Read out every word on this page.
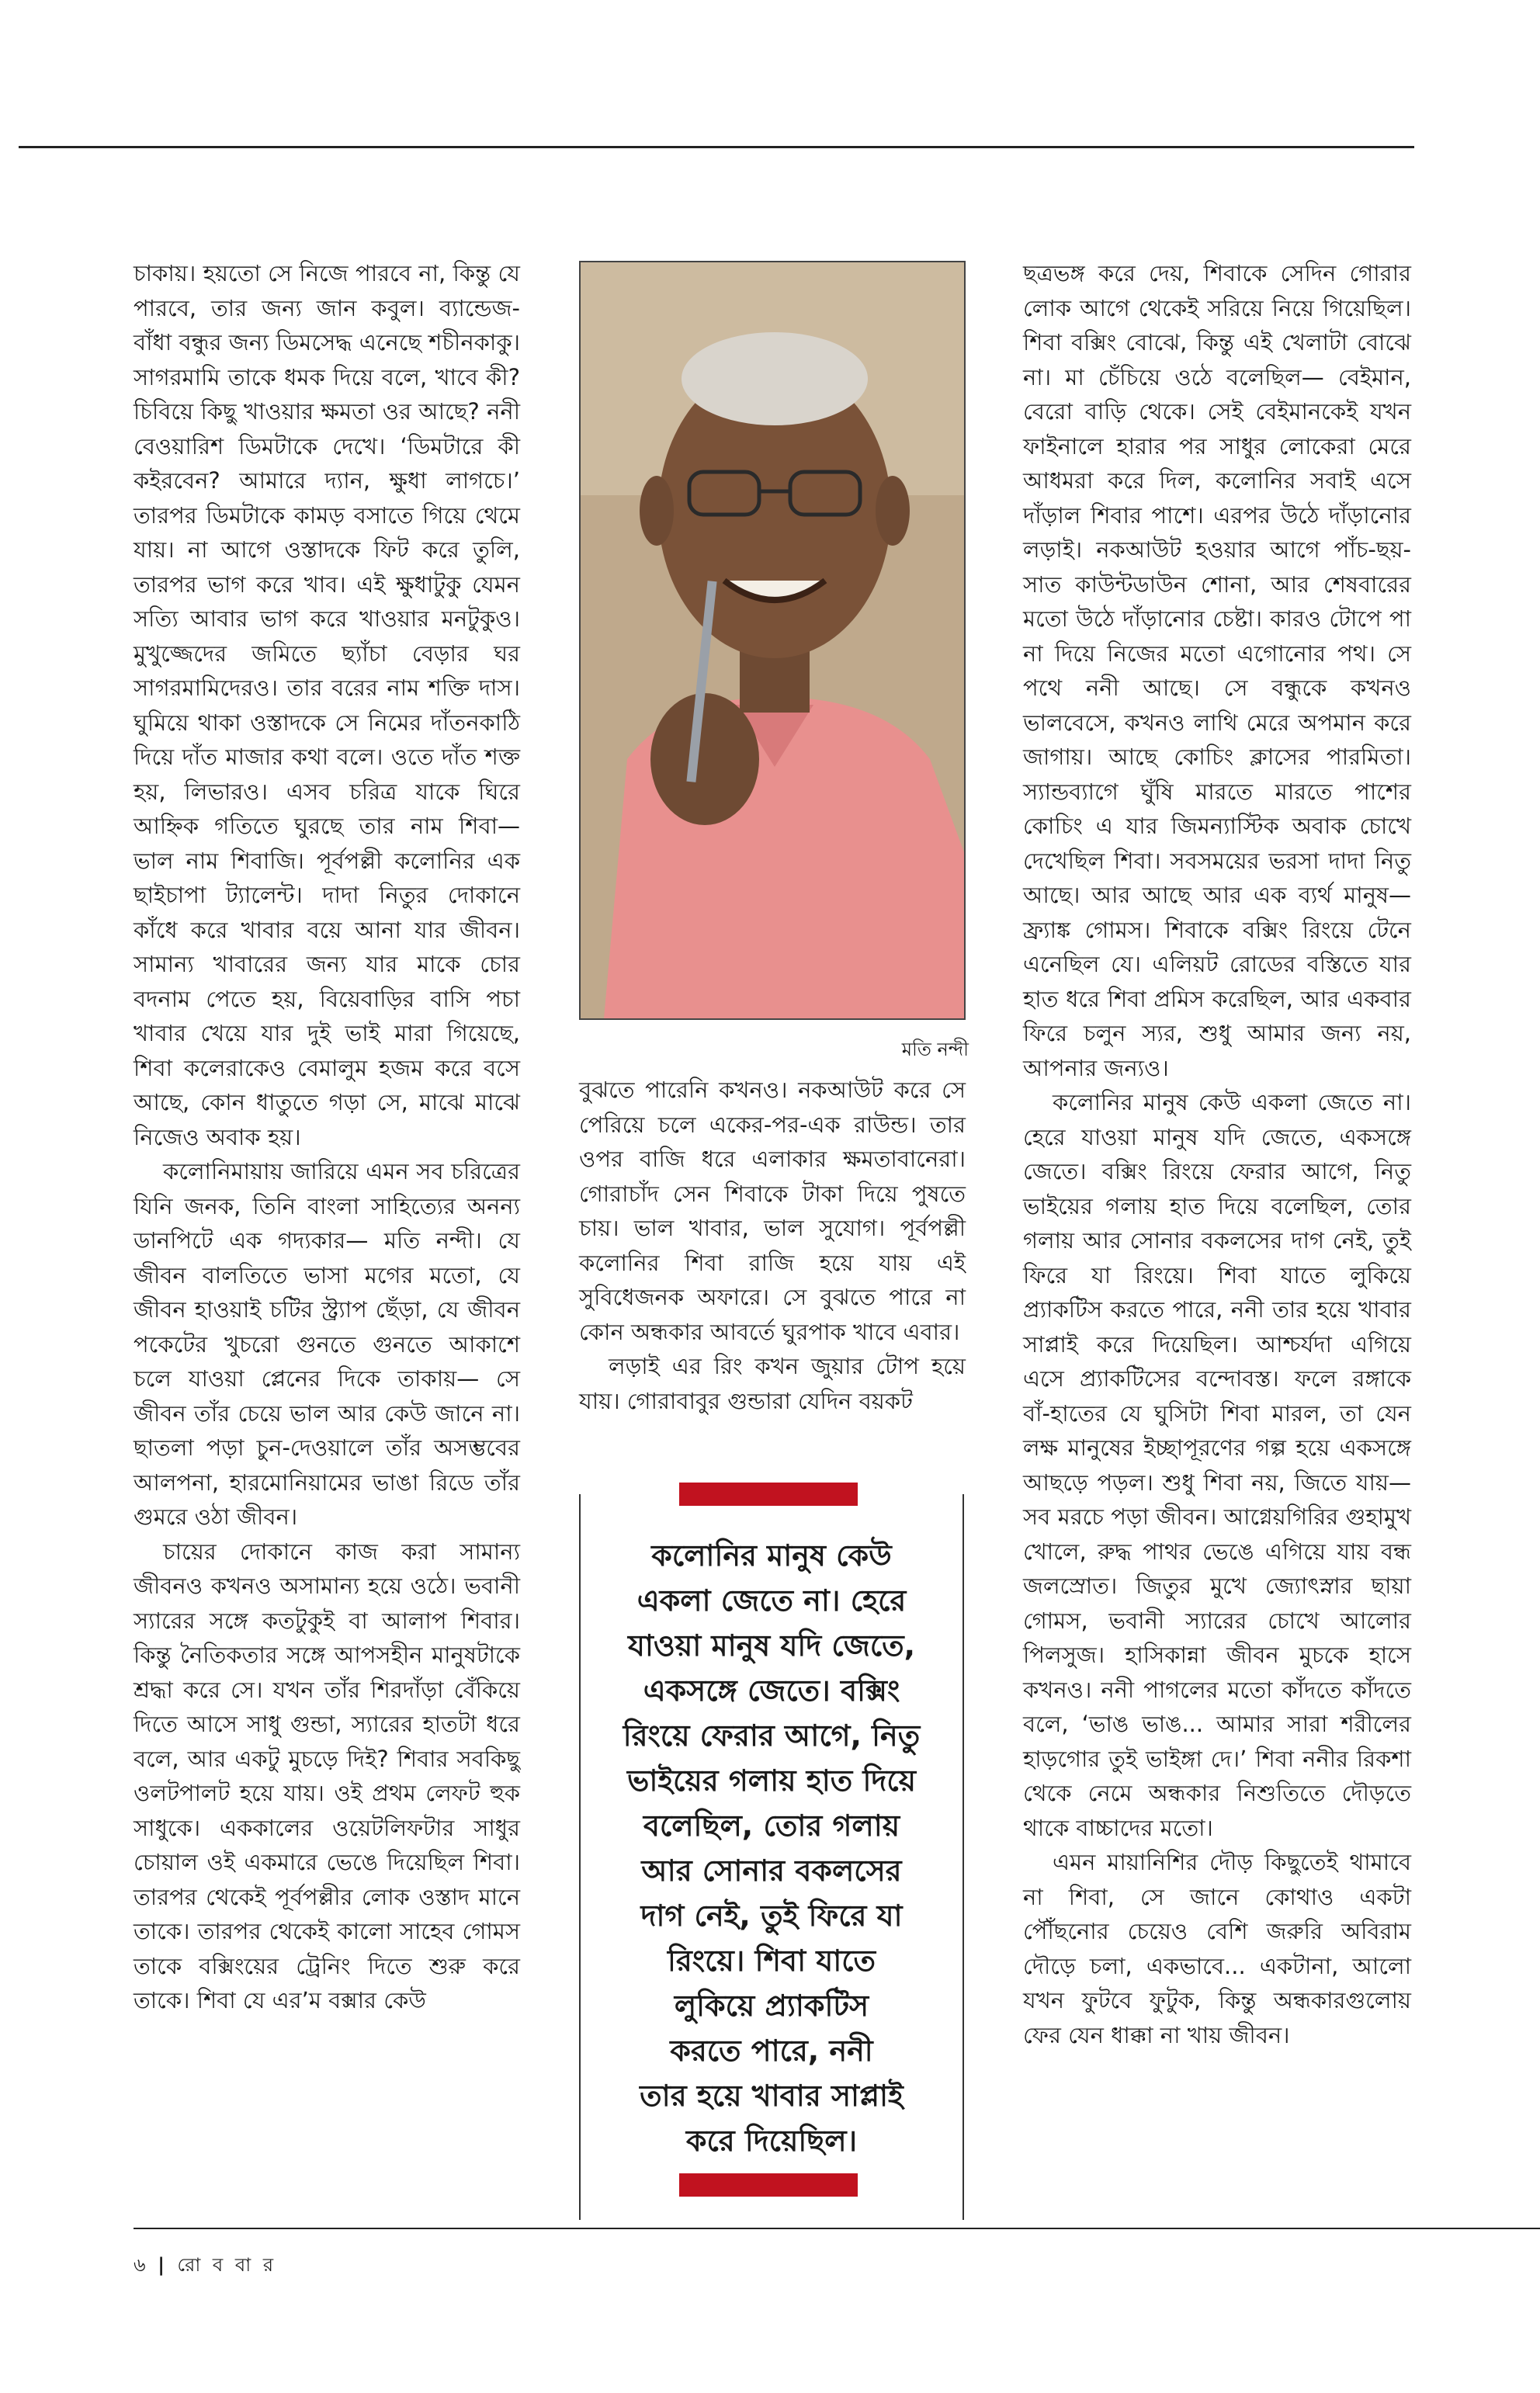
চাকায়। হয়তো সে নিজে পারবে না, কিন্তু যে পারবে, তার জন্য জান কবুল। ব্যান্ডেজ-বাঁধা বন্ধুর জন্য ডিমসেদ্ধ এনেছে শচীনকাকু। সাগরমামি তাকে ধমক দিয়ে বলে, খাবে কী? চিবিয়ে কিছু খাওয়ার ক্ষমতা ওর আছে? ননী বেওয়ারিশ ডিমটাকে দেখে। ‘ডিমটারে কী কইরবেন? আমারে দ্যান, ক্ষুধা লাগচে।’ তারপর ডিমটাকে কামড় বসাতে গিয়ে থেমে যায়। না আগে ওস্তাদকে ফিট করে তুলি, তারপর ভাগ করে খাব। এই ক্ষুধাটুকু যেমন সত্যি আবার ভাগ করে খাওয়ার মনটুকুও। মুখুজ্জেদের জমিতে ছ্যাঁচা বেড়ার ঘর সাগরমামিদেরও। তার বরের নাম শক্তি দাস। ঘুমিয়ে থাকা ওস্তাদকে সে নিমের দাঁতনকাঠি দিয়ে দাঁত মাজার কথা বলে। ওতে দাঁত শক্ত হয়, লিভারও। এসব চরিত্র যাকে ঘিরে আহ্নিক গতিতে ঘুরছে তার নাম শিবা— ভাল নাম শিবাজি। পূর্বপল্লী কলোনির এক ছাইচাপা ট্যালেন্ট। দাদা নিতুর দোকানে কাঁধে করে খাবার বয়ে আনা যার জীবন। সামান্য খাবারের জন্য যার মাকে চোর বদনাম পেতে হয়, বিয়েবাড়ির বাসি পচা খাবার খেয়ে যার দুই ভাই মারা গিয়েছে, শিবা কলেরাকেও বেমালুম হজম করে বসে আছে, কোন ধাতুতে গড়া সে, মাঝে মাঝে নিজেও অবাক হয়।

কলোনিমায়ায় জারিয়ে এমন সব চরিত্রের যিনি জনক, তিনি বাংলা সাহিত্যের অনন্য ডানপিটে এক গদ্যকার— মতি নন্দী। যে জীবন বালতিতে ভাসা মগের মতো, যে জীবন হাওয়াই চটির স্ট্র্যাপ ছেঁড়া, যে জীবন পকেটের খুচরো গুনতে গুনতে আকাশে চলে যাওয়া প্লেনের দিকে তাকায়— সে জীবন তাঁর চেয়ে ভাল আর কেউ জানে না। ছাতলা পড়া চুন-দেওয়ালে তাঁর অসম্ভবের আলপনা, হারমোনিয়ামের ভাঙা রিডে তাঁর গুমরে ওঠা জীবন।

চায়ের দোকানে কাজ করা সামান্য জীবনও কখনও অসামান্য হয়ে ওঠে। ভবানী স্যারের সঙ্গে কতটুকুই বা আলাপ শিবার। কিন্তু নৈতিকতার সঙ্গে আপসহীন মানুষটাকে শ্রদ্ধা করে সে। যখন তাঁর শিরদাঁড়া বেঁকিয়ে দিতে আসে সাধু গুন্ডা, স্যারের হাতটা ধরে বলে, আর একটু মুচড়ে দিই? শিবার সবকিছু ওলটপালট হয়ে যায়। ওই প্রথম লেফট হুক সাধুকে। এককালের ওয়েটলিফটার সাধুর চোয়াল ওই একমারে ভেঙে দিয়েছিল শিবা। তারপর থেকেই পূর্বপল্লীর লোক ওস্তাদ মানে তাকে। তারপর থেকেই কালো সাহেব গোমস তাকে বক্সিংয়ের ট্রেনিং দিতে শুরু করে তাকে। শিবা যে এর’ম বক্সার কেউ

মতি নন্দী

বুঝতে পারেনি কখনও। নকআউট করে সে পেরিয়ে চলে একের-পর-এক রাউন্ড। তার ওপর বাজি ধরে এলাকার ক্ষমতাবানেরা। গোরাচাঁদ সেন শিবাকে টাকা দিয়ে পুষতে চায়। ভাল খাবার, ভাল সুযোগ। পূর্বপল্লী কলোনির শিবা রাজি হয়ে যায় এই সুবিধেজনক অফারে। সে বুঝতে পারে না কোন অন্ধকার আবর্তে ঘুরপাক খাবে এবার।

লড়াই এর রিং কখন জুয়ার টোপ হয়ে যায়। গোরাবাবুর গুন্ডারা যেদিন বয়কট

কলোনির মানুষ কেউ
একলা জেতে না। হেরে
যাওয়া মানুষ যদি জেতে,
একসঙ্গে জেতে। বক্সিং
রিংয়ে ফেরার আগে, নিতু
ভাইয়ের গলায় হাত দিয়ে
বলেছিল, তোর গলায়
আর সোনার বকলসের
দাগ নেই, তুই ফিরে যা
রিংয়ে। শিবা যাতে
লুকিয়ে প্র্যাকটিস
করতে পারে, ননী
তার হয়ে খাবার সাপ্লাই
করে দিয়েছিল।

ছত্রভঙ্গ করে দেয়, শিবাকে সেদিন গোরার লোক আগে থেকেই সরিয়ে নিয়ে গিয়েছিল। শিবা বক্সিং বোঝে, কিন্তু এই খেলাটা বোঝে না। মা চেঁচিয়ে ওঠে বলেছিল— বেইমান, বেরো বাড়ি থেকে। সেই বেইমানকেই যখন ফাইনালে হারার পর সাধুর লোকেরা মেরে আধমরা করে দিল, কলোনির সবাই এসে দাঁড়াল শিবার পাশে। এরপর উঠে দাঁড়ানোর লড়াই। নকআউট হওয়ার আগে পাঁচ-ছয়-সাত কাউন্টডাউন শোনা, আর শেষবারের মতো উঠে দাঁড়ানোর চেষ্টা। কারও টোপে পা না দিয়ে নিজের মতো এগোনোর পথ। সে পথে ননী আছে। সে বন্ধুকে কখনও ভালবেসে, কখনও লাথি মেরে অপমান করে জাগায়। আছে কোচিং ক্লাসের পারমিতা। স্যান্ডব্যাগে ঘুঁষি মারতে মারতে পাশের কোচিং এ যার জিমন্যাস্টিক অবাক চোখে দেখেছিল শিবা। সবসময়ের ভরসা দাদা নিতু আছে। আর আছে আর এক ব্যর্থ মানুষ— ফ্র্যাঙ্ক গোমস। শিবাকে বক্সিং রিংয়ে টেনে এনেছিল যে। এলিয়ট রোডের বস্তিতে যার হাত ধরে শিবা প্রমিস করেছিল, আর একবার ফিরে চলুন স্যর, শুধু আমার জন্য নয়, আপনার জন্যও।

কলোনির মানুষ কেউ একলা জেতে না। হেরে যাওয়া মানুষ যদি জেতে, একসঙ্গে জেতে। বক্সিং রিংয়ে ফেরার আগে, নিতু ভাইয়ের গলায় হাত দিয়ে বলেছিল, তোর গলায় আর সোনার বকলসের দাগ নেই, তুই ফিরে যা রিংয়ে। শিবা যাতে লুকিয়ে প্র্যাকটিস করতে পারে, ননী তার হয়ে খাবার সাপ্লাই করে দিয়েছিল। আশ্চর্যদা এগিয়ে এসে প্র্যাকটিসের বন্দোবস্ত। ফলে রঙ্গাকে বাঁ-হাতের যে ঘুসিটা শিবা মারল, তা যেন লক্ষ মানুষের ইচ্ছাপূরণের গল্প হয়ে একসঙ্গে আছড়ে পড়ল। শুধু শিবা নয়, জিতে যায়— সব মরচে পড়া জীবন। আগ্নেয়গিরির গুহামুখ খোলে, রুদ্ধ পাথর ভেঙে এগিয়ে যায় বন্ধ জলস্রোত। জিতুর মুখে জ্যোৎস্নার ছায়া গোমস, ভবানী স্যারের চোখে আলোর পিলসুজ। হাসিকান্না জীবন মুচকে হাসে কখনও। ননী পাগলের মতো কাঁদতে কাঁদতে বলে, ‘ভাঙ ভাঙ... আমার সারা শরীলের হাড়গোর তুই ভাইঙ্গা দে।’ শিবা ননীর রিকশা থেকে নেমে অন্ধকার নিশুতিতে দৌড়তে থাকে বাচ্চাদের মতো।

এমন মায়ানিশির দৌড় কিছুতেই থামাবে না শিবা, সে জানে কোথাও একটা পৌঁছনোর চেয়েও বেশি জরুরি অবিরাম দৌড়ে চলা, একভাবে... একটানা, আলো যখন ফুটবে ফুটুক, কিন্তু অন্ধকারগুলোয় ফের যেন ধাক্কা না খায় জীবন।

৬ | রো ব বা র
